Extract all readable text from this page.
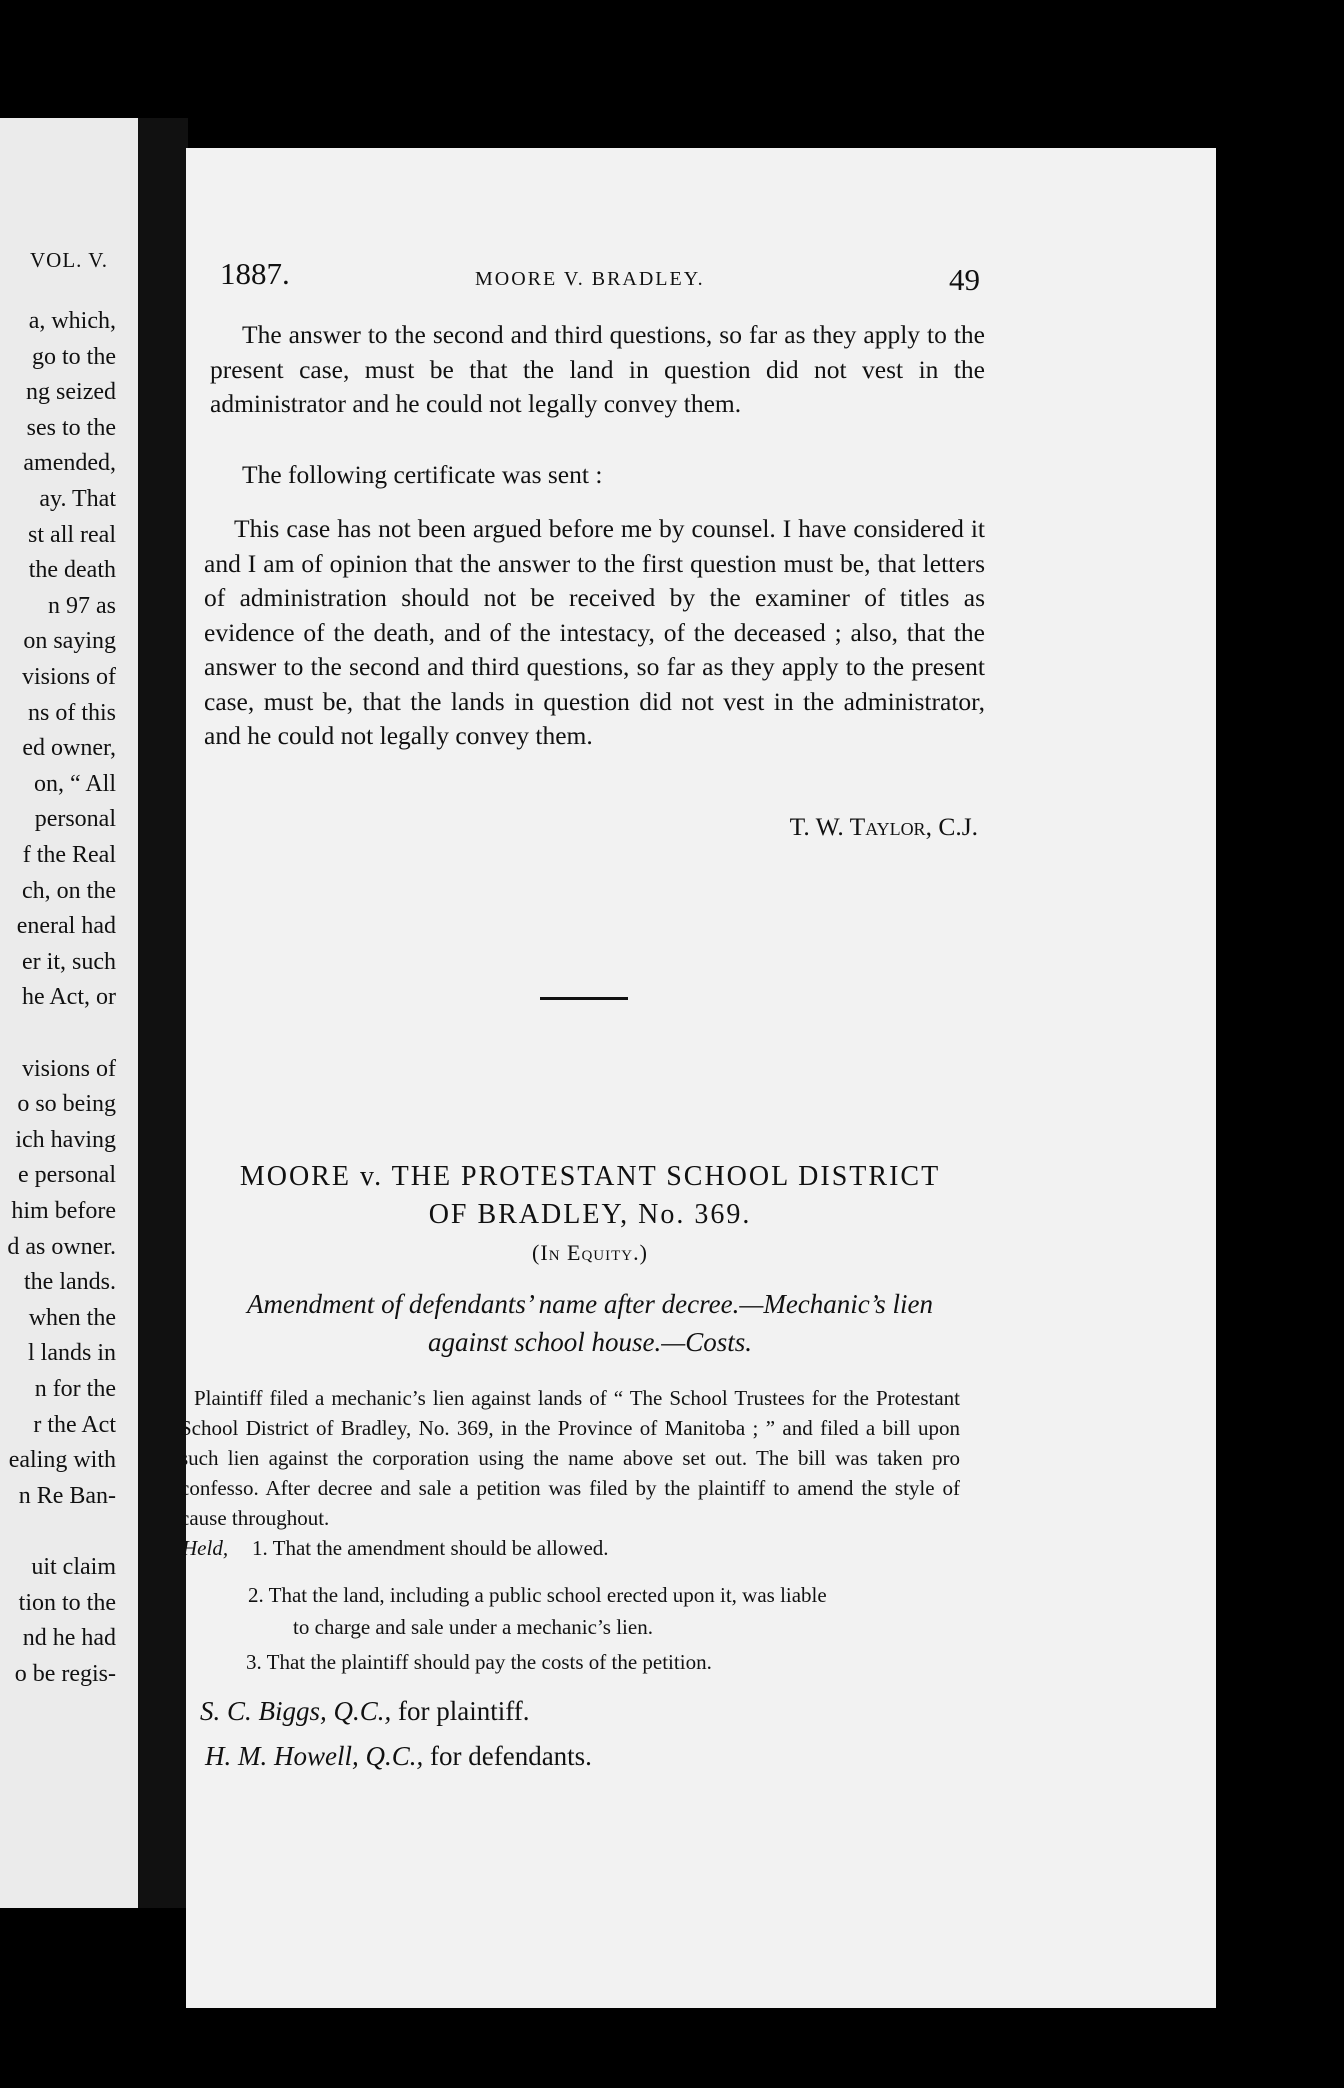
VOL. V.
a, which,
go to the
ng seized
ses to the
amended,
ay. That
st all real
the death
n 97 as
on saying
visions of
ns of this
ed owner,
on, “ All
personal
f the Real
ch, on the
eneral had
er it, such
he Act, or
visions of
o so being
ich having
e personal
him before
d as owner.
the lands.
when the
l lands in
n for the
r the Act
ealing with
n Re Ban-
uit claim
tion to the
nd he had
o be regis-
1887.	MOORE V. BRADLEY.	49
The answer to the second and third questions, so far as they apply to the present case, must be that the land in question did not vest in the administrator and he could not legally convey them.
The following certificate was sent :
This case has not been argued before me by counsel. I have considered it and I am of opinion that the answer to the first question must be, that letters of administration should not be received by the examiner of titles as evidence of the death, and of the intestacy, of the deceased ; also, that the answer to the second and third questions, so far as they apply to the present case, must be, that the lands in question did not vest in the administrator, and he could not legally convey them.
T. W. Taylor, C.J.
MOORE v. THE PROTESTANT SCHOOL DISTRICT
OF BRADLEY, No. 369.
(In Equity.)
Amendment of defendants’ name after decree.—Mechanic’s lien
against school house.—Costs.
Plaintiff filed a mechanic’s lien against lands of “ The School Trustees for the Protestant School District of Bradley, No. 369, in the Province of Manitoba ; ” and filed a bill upon such lien against the corporation using the name above set out. The bill was taken pro confesso. After decree and sale a petition was filed by the plaintiff to amend the style of cause throughout.
Held, 1. That the amendment should be allowed.
2. That the land, including a public school erected upon it, was liable
to charge and sale under a mechanic’s lien.
3. That the plaintiff should pay the costs of the petition.
S. C. Biggs, Q.C., for plaintiff.
H. M. Howell, Q.C., for defendants.
